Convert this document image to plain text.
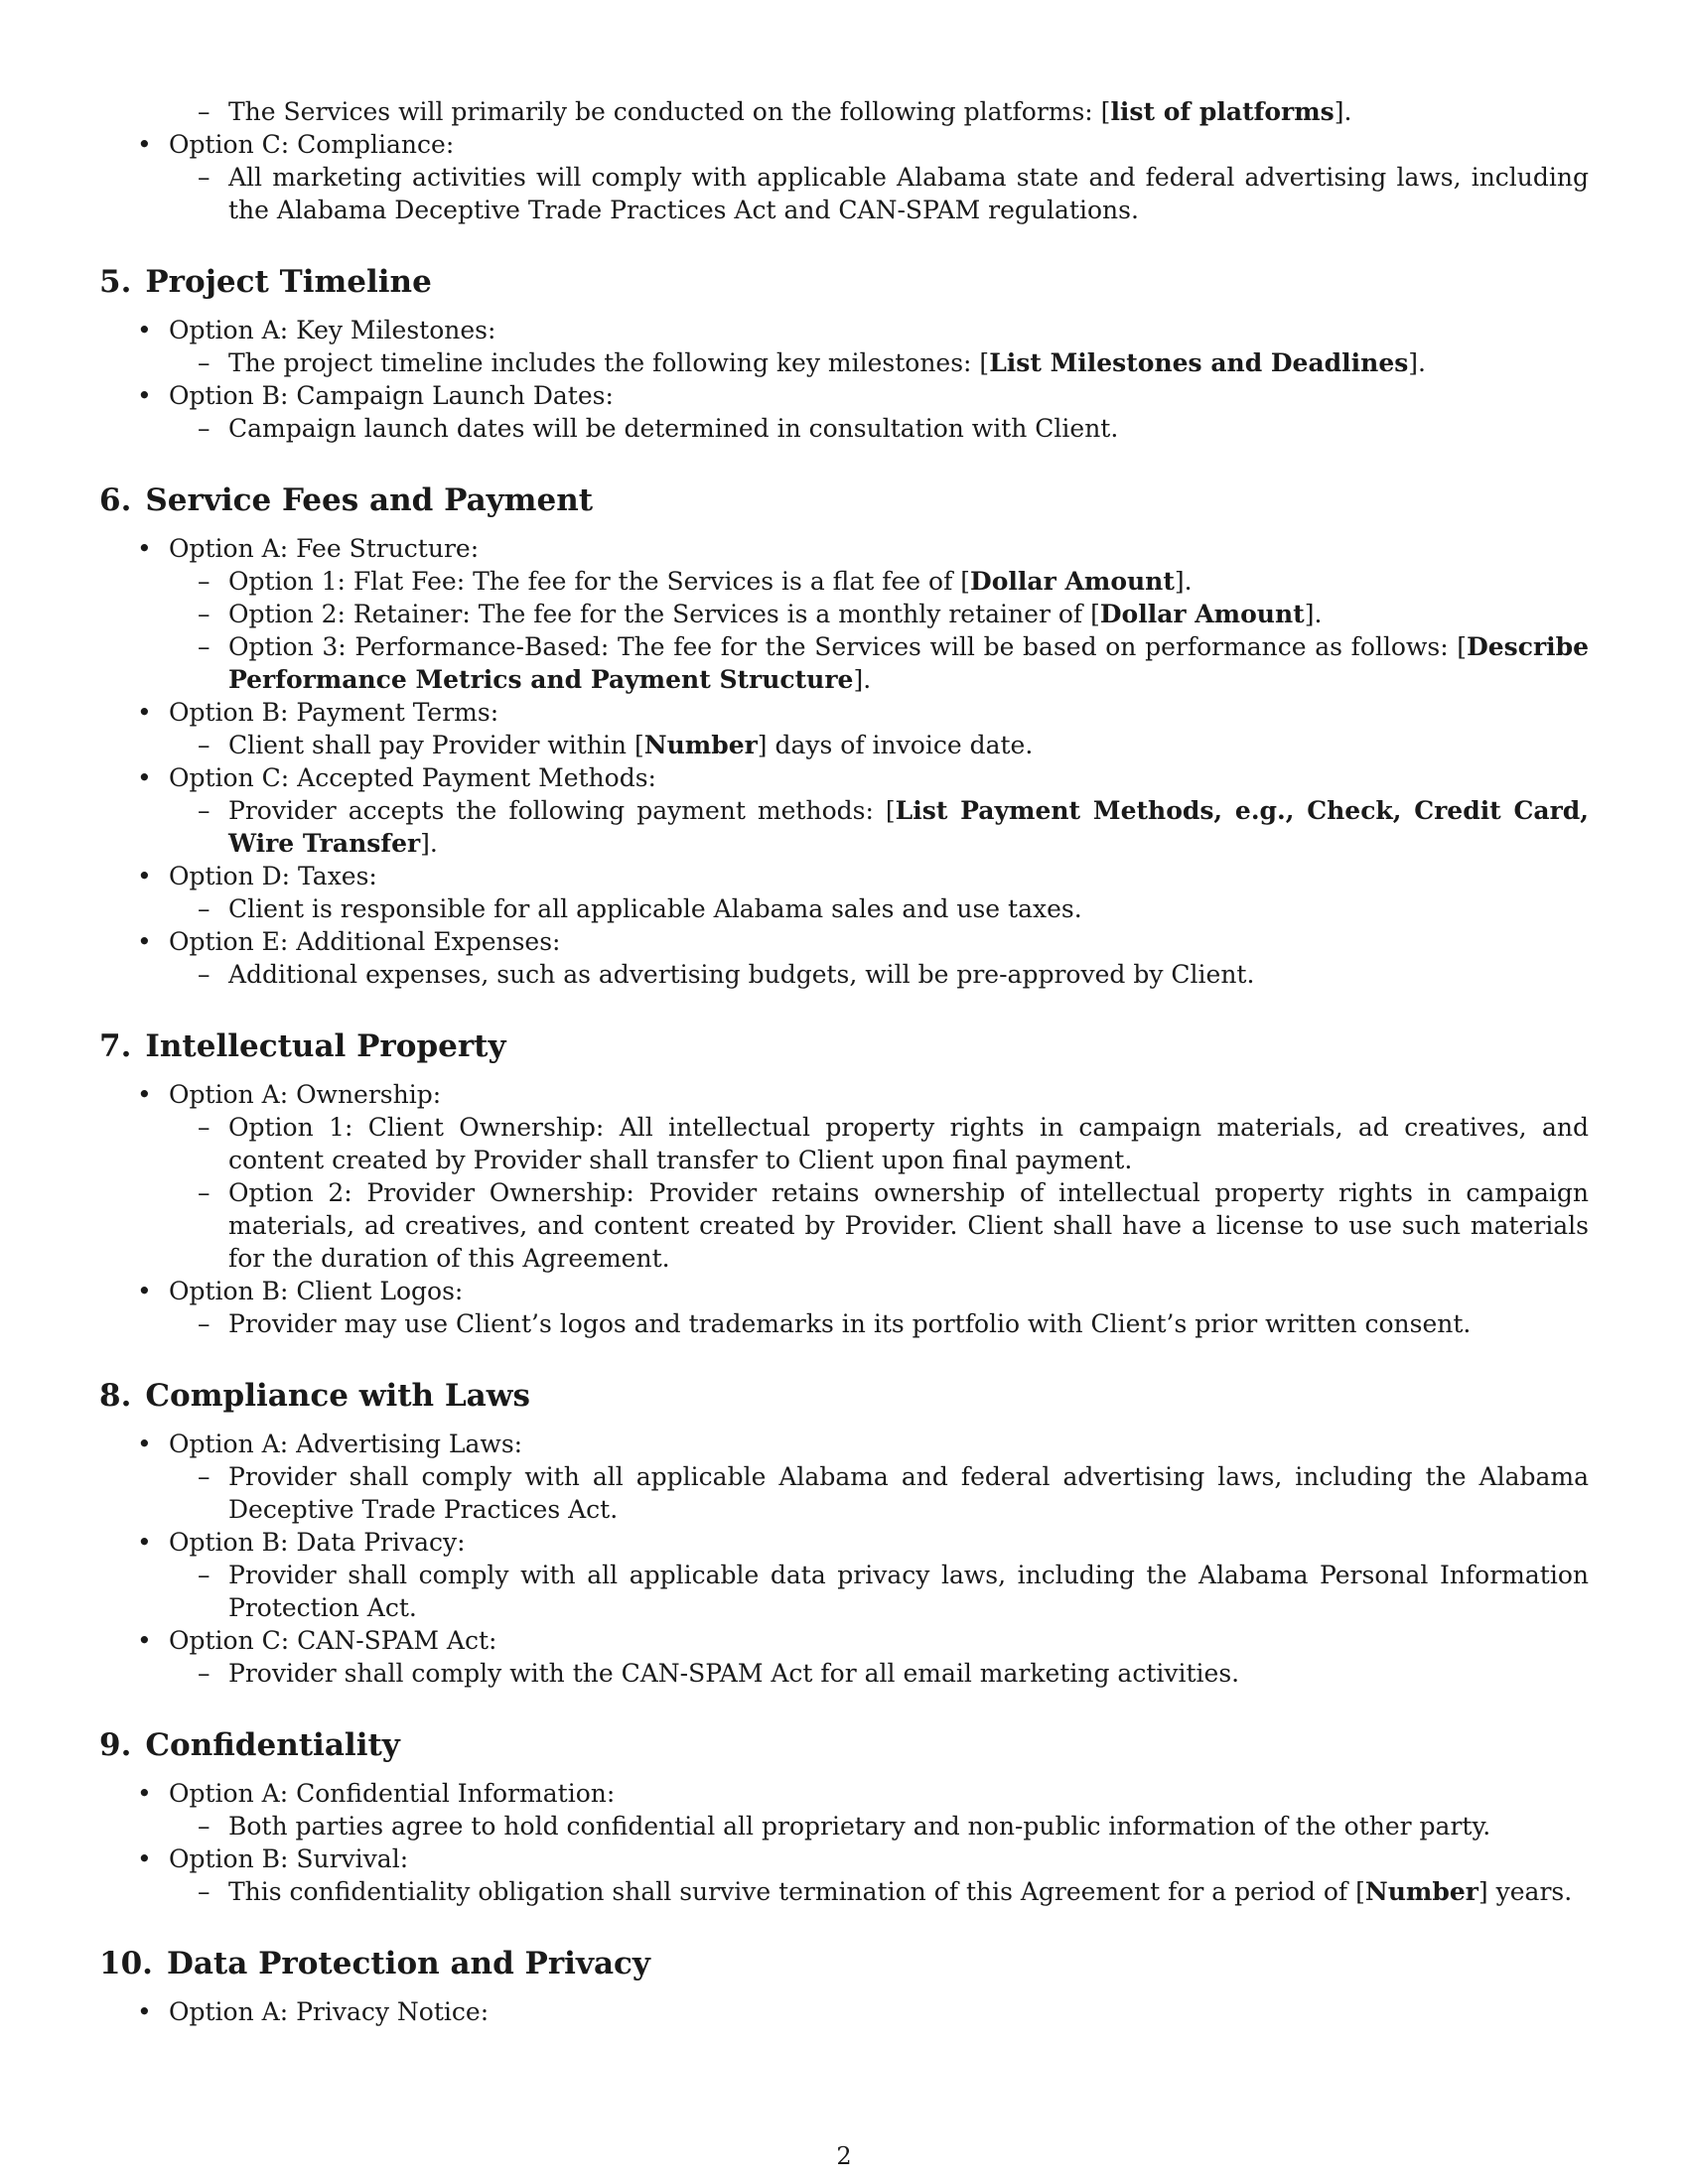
– The Services will primarily be conducted on the following platforms: [list of platforms].
• Option C: Compliance:
– All marketing activities will comply with applicable Alabama state and federal advertising laws, including the Alabama Deceptive Trade Practices Act and CAN-SPAM regulations.
5. Project Timeline
• Option A: Key Milestones:
– The project timeline includes the following key milestones: [List Milestones and Deadlines].
• Option B: Campaign Launch Dates:
– Campaign launch dates will be determined in consultation with Client.
6. Service Fees and Payment
• Option A: Fee Structure:
– Option 1: Flat Fee: The fee for the Services is a flat fee of [Dollar Amount].
– Option 2: Retainer: The fee for the Services is a monthly retainer of [Dollar Amount].
– Option 3: Performance-Based: The fee for the Services will be based on performance as follows: [Describe Performance Metrics and Payment Structure].
• Option B: Payment Terms:
– Client shall pay Provider within [Number] days of invoice date.
• Option C: Accepted Payment Methods:
– Provider accepts the following payment methods: [List Payment Methods, e.g., Check, Credit Card, Wire Transfer].
• Option D: Taxes:
– Client is responsible for all applicable Alabama sales and use taxes.
• Option E: Additional Expenses:
– Additional expenses, such as advertising budgets, will be pre-approved by Client.
7. Intellectual Property
• Option A: Ownership:
– Option 1: Client Ownership: All intellectual property rights in campaign materials, ad creatives, and content created by Provider shall transfer to Client upon final payment.
– Option 2: Provider Ownership: Provider retains ownership of intellectual property rights in campaign materials, ad creatives, and content created by Provider. Client shall have a license to use such materials for the duration of this Agreement.
• Option B: Client Logos:
– Provider may use Client’s logos and trademarks in its portfolio with Client’s prior written consent.
8. Compliance with Laws
• Option A: Advertising Laws:
– Provider shall comply with all applicable Alabama and federal advertising laws, including the Alabama Deceptive Trade Practices Act.
• Option B: Data Privacy:
– Provider shall comply with all applicable data privacy laws, including the Alabama Personal Information Protection Act.
• Option C: CAN-SPAM Act:
– Provider shall comply with the CAN-SPAM Act for all email marketing activities.
9. Confidentiality
• Option A: Confidential Information:
– Both parties agree to hold confidential all proprietary and non-public information of the other party.
• Option B: Survival:
– This confidentiality obligation shall survive termination of this Agreement for a period of [Number] years.
10. Data Protection and Privacy
• Option A: Privacy Notice:
2
